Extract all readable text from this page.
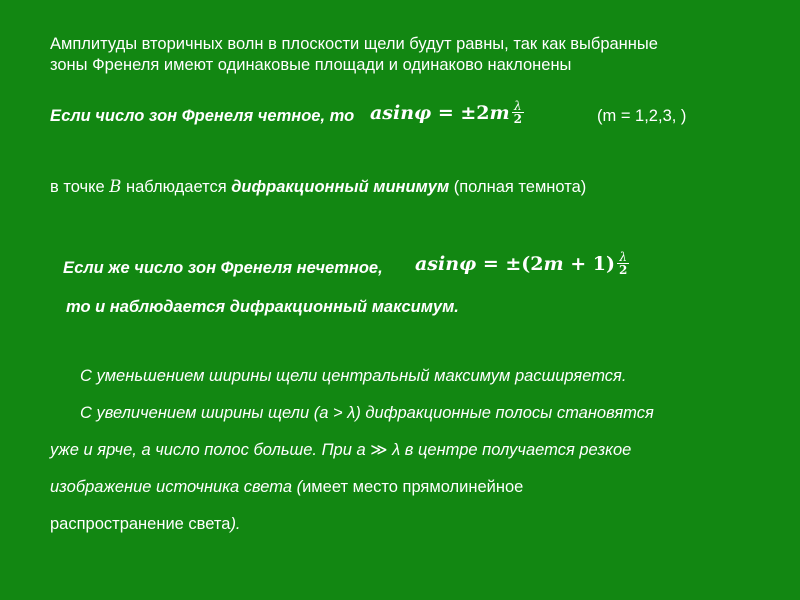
Амплитуды вторичных волн в плоскости щели будут равны, так как выбранные
зоны Френеля имеют одинаковые площади и одинаково наклонены
Если число зон Френеля четное, то $asin\varphi = \pm 2m \frac{\lambda}{2}$	(m = 1,2,3, )
в точке B наблюдается дифракционный минимум (полная темнота)
Если же число зон Френеля нечетное, $asin\varphi = \pm(2m + 1) \frac{\lambda}{2}$
то и наблюдается дифракционный максимум.
С уменьшением ширины щели центральный максимум расширяется.
С увеличением ширины щели (a > λ) дифракционные полосы становятся
уже и ярче, а число полос больше. При a ≫ λ в центре получается резкое
изображение источника света (имеет место прямолинейное
распространение света).
